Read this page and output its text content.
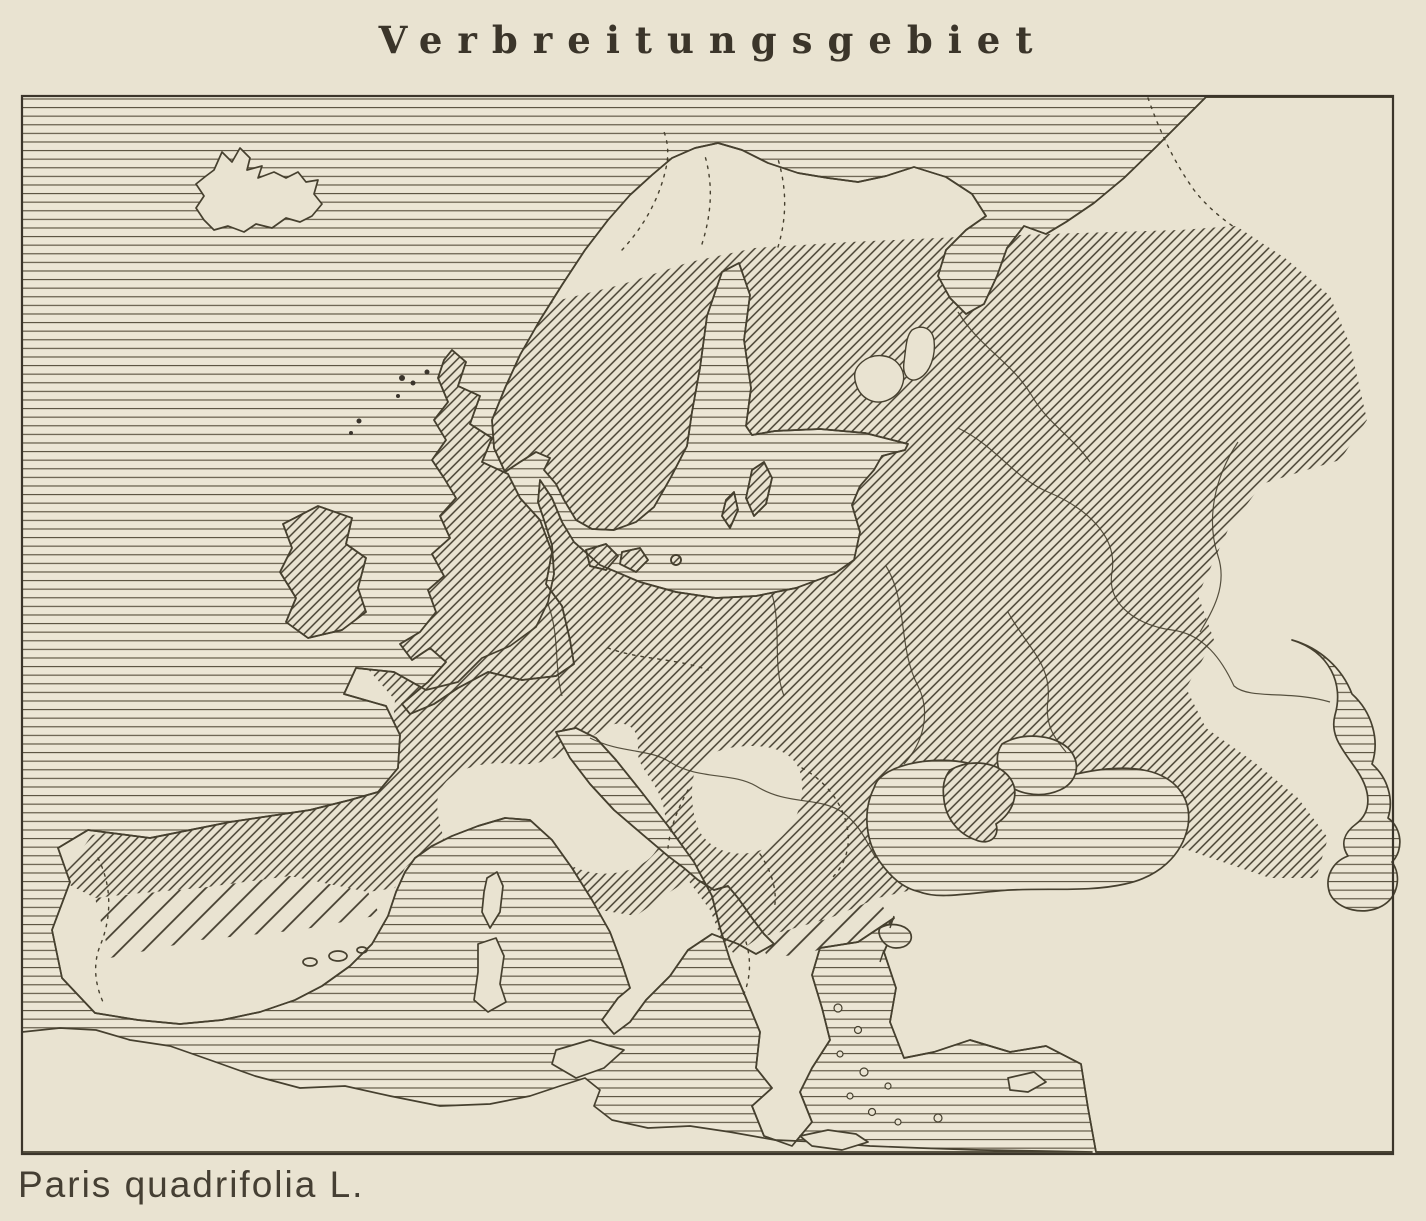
Verbreitungsgebiet
Paris quadrifolia L.
